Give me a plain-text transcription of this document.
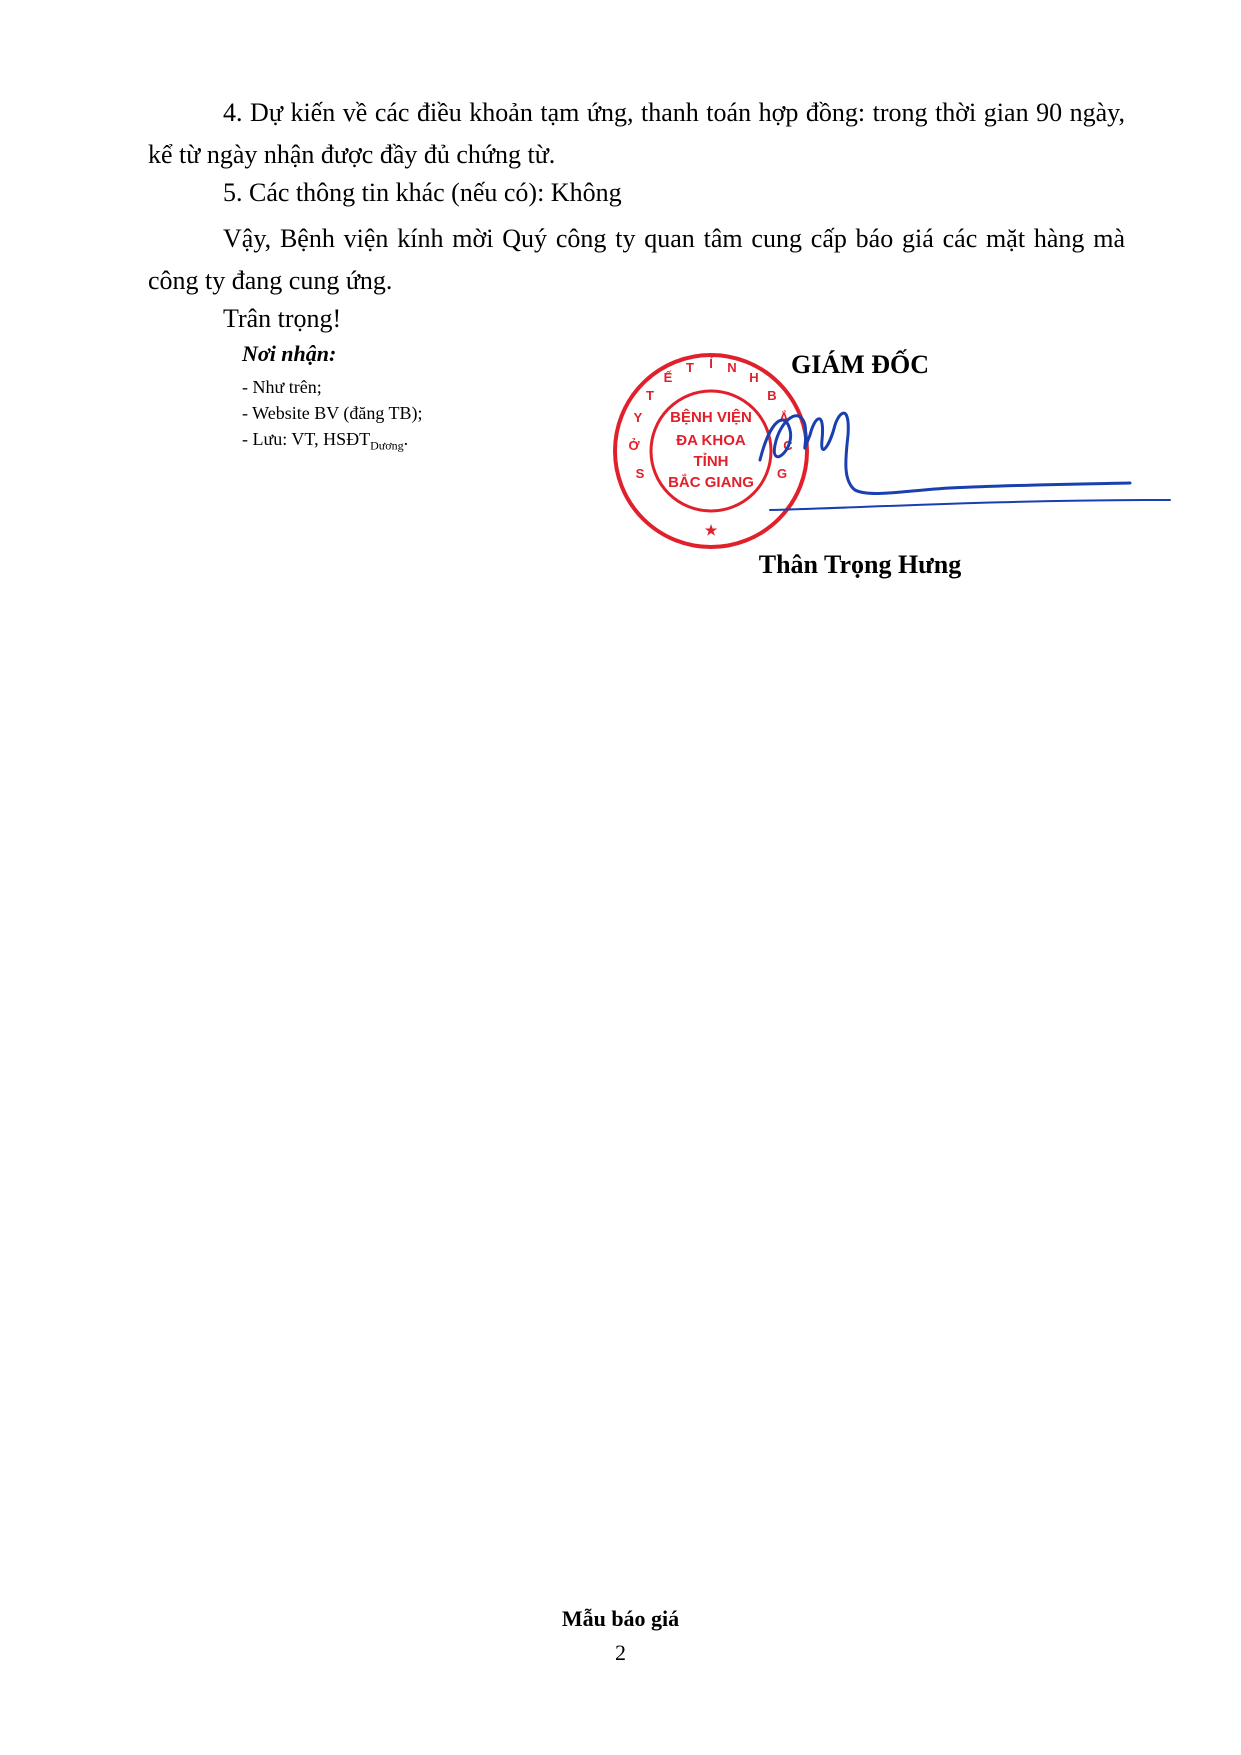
4. Dự kiến về các điều khoản tạm ứng, thanh toán hợp đồng: trong thời gian 90 ngày, kể từ ngày nhận được đầy đủ chứng từ.

5. Các thông tin khác (nếu có): Không

Vậy, Bệnh viện kính mời Quý công ty quan tâm cung cấp báo giá các mặt hàng mà công ty đang cung ứng.

Trân trọng!

Nơi nhận:

- Như trên;

- Website BV (đăng TB);

- Lưu: VT, $HSĐT_{Dương}$.

BỆNH VIỆN
ĐA KHOA
TỈNH
BẮC GIANG
★
S
Ở
Y
T
Ế
T Ỉ N
H
B
Ắ
C
G

GIÁM ĐỐC

Thân Trọng Hưng

Mẫu báo giá

2
